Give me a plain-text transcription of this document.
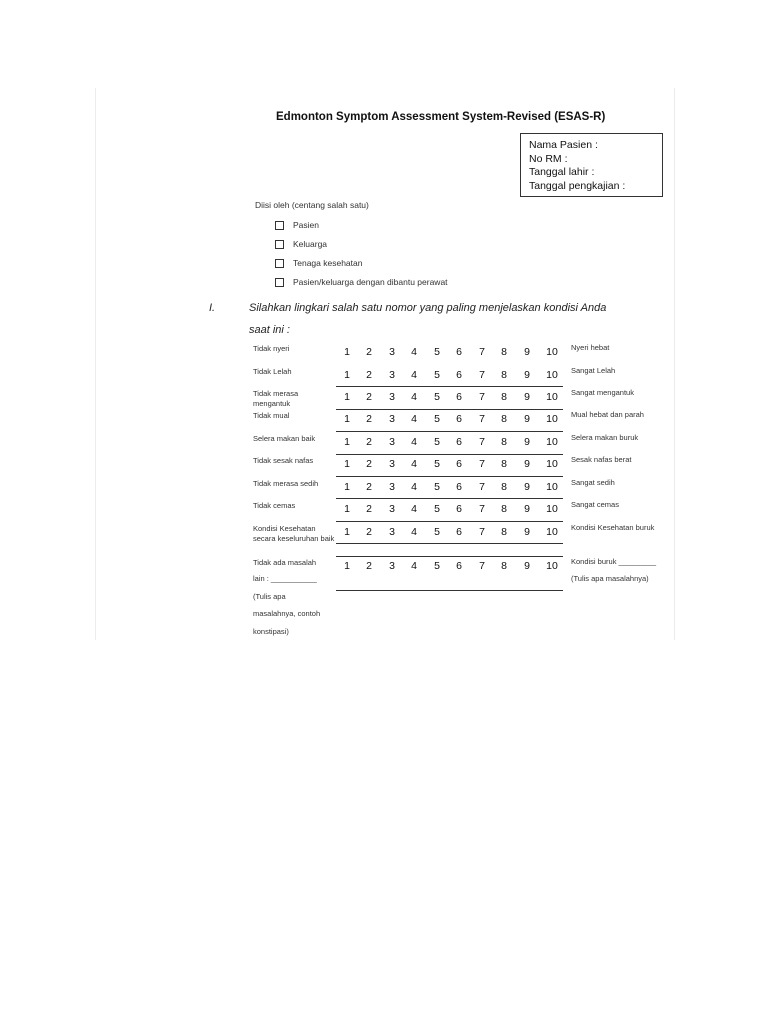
Edmonton Symptom Assessment System-Revised (ESAS-R)
Nama Pasien :
No RM :
Tanggal lahir :
Tanggal pengkajian :
Diisi oleh (centang salah satu)
Pasien
Keluarga
Tenaga kesehatan
Pasien/keluarga dengan dibantu perawat
I.	Silahkan lingkari salah satu nomor yang paling menjelaskan kondisi Anda
saat ini :
Tidak nyeri	1	2	3	4	5	6	7	8	9	10	Nyeri hebat
Tidak Lelah	1	2	3	4	5	6	7	8	9	10	Sangat Lelah
Tidak merasa mengantuk	1	2	3	4	5	6	7	8	9	10	Sangat mengantuk
Tidak mual	1	2	3	4	5	6	7	8	9	10	Mual hebat dan parah
Selera makan baik	1	2	3	4	5	6	7	8	9	10	Selera makan buruk
Tidak sesak nafas	1	2	3	4	5	6	7	8	9	10	Sesak nafas berat
Tidak merasa sedih	1	2	3	4	5	6	7	8	9	10	Sangat sedih
Tidak cemas	1	2	3	4	5	6	7	8	9	10	Sangat cemas
Kondisi Kesehatan secara keseluruhan baik 1	2	3	4	5	6	7	8	9	10	Kondisi Kesehatan buruk
Tidak ada masalah	1	2	3	4	5	6	7	8	9	10	Kondisi buruk _________
lain : ___________
(Tulis apa
masalahnya, contoh
konstipasi)
(Tulis apa masalahnya)
